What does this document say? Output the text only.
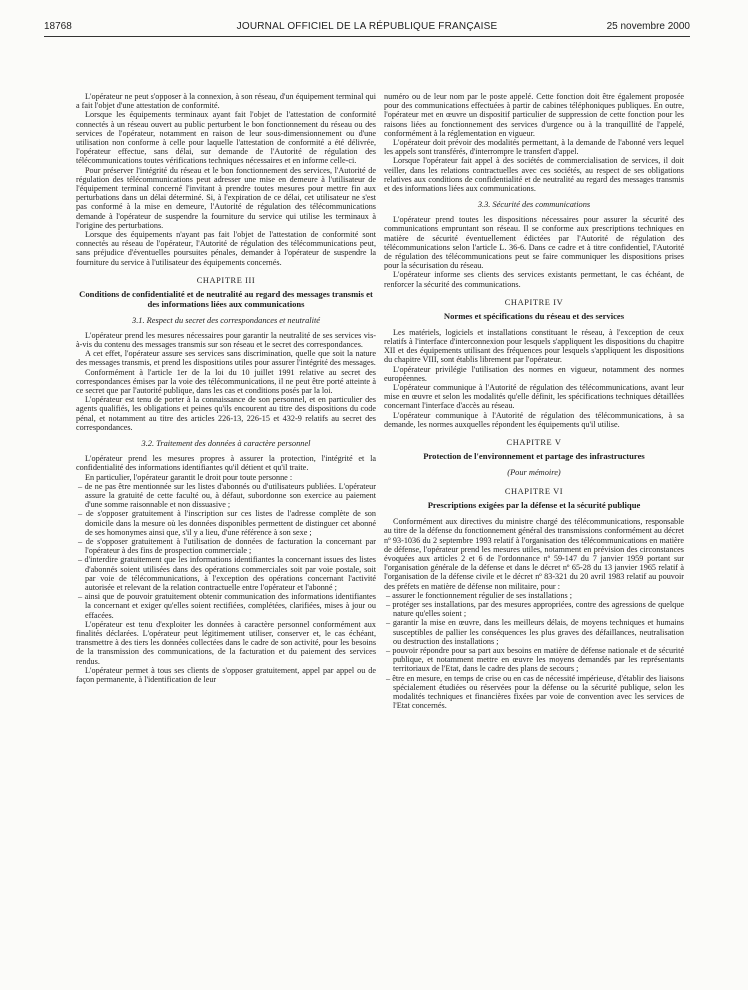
18768	JOURNAL OFFICIEL DE LA RÉPUBLIQUE FRANÇAISE	25 novembre 2000

L'opérateur ne peut s'opposer à la connexion, à son réseau, d'un équipement terminal qui a fait l'objet d'une attestation de conformité.

Lorsque les équipements terminaux ayant fait l'objet de l'attestation de conformité connectés à un réseau ouvert au public perturbent le bon fonctionnement du réseau ou des services de l'opérateur, notamment en raison de leur sous-dimensionnement ou d'une utilisation non conforme à celle pour laquelle l'attestation de conformité a été délivrée, l'opérateur effectue, sans délai, sur demande de l'Autorité de régulation des télécommunications toutes vérifications techniques nécessaires et en informe celle-ci.

Pour préserver l'intégrité du réseau et le bon fonctionnement des services, l'Autorité de régulation des télécommunications peut adresser une mise en demeure à l'utilisateur de l'équipement terminal concerné l'invitant à prendre toutes mesures pour mettre fin aux perturbations dans un délai déterminé. Si, à l'expiration de ce délai, cet utilisateur ne s'est pas conformé à la mise en demeure, l'Autorité de régulation des télécommunications demande à l'opérateur de suspendre la fourniture du service qui utilise les terminaux à l'origine des perturbations.

Lorsque des équipements n'ayant pas fait l'objet de l'attestation de conformité sont connectés au réseau de l'opérateur, l'Autorité de régulation des télécommunications peut, sans préjudice d'éventuelles poursuites pénales, demander à l'opérateur de suspendre la fourniture du service à l'utilisateur des équipements concernés.

CHAPITRE III
Conditions de confidentialité et de neutralité au regard des messages transmis et des informations liées aux communications
3.1. Respect du secret des correspondances et neutralité

L'opérateur prend les mesures nécessaires pour garantir la neutralité de ses services vis-à-vis du contenu des messages transmis sur son réseau et le secret des correspondances.

A cet effet, l'opérateur assure ses services sans discrimination, quelle que soit la nature des messages transmis, et prend les dispositions utiles pour assurer l'intégrité des messages.

Conformément à l'article 1er de la loi du 10 juillet 1991 relative au secret des correspondances émises par la voie des télécommunications, il ne peut être porté atteinte à ce secret que par l'autorité publique, dans les cas et conditions posés par la loi.

L'opérateur est tenu de porter à la connaissance de son personnel, et en particulier des agents qualifiés, les obligations et peines qu'ils encourent au titre des dispositions du code pénal, et notamment au titre des articles 226-13, 226-15 et 432-9 relatifs au secret des correspondances.

3.2. Traitement des données à caractère personnel

L'opérateur prend les mesures propres à assurer la protection, l'intégrité et la confidentialité des informations identifiantes qu'il détient et qu'il traite.

En particulier, l'opérateur garantit le droit pour toute personne :

– de ne pas être mentionnée sur les listes d'abonnés ou d'utilisateurs publiées. L'opérateur assure la gratuité de cette faculté ou, à défaut, subordonne son exercice au paiement d'une somme raisonnable et non dissuasive ;
– de s'opposer gratuitement à l'inscription sur ces listes de l'adresse complète de son domicile dans la mesure où les données disponibles permettent de distinguer cet abonné de ses homonymes ainsi que, s'il y a lieu, d'une référence à son sexe ;
– de s'opposer gratuitement à l'utilisation de données de facturation la concernant par l'opérateur à des fins de prospection commerciale ;
– d'interdire gratuitement que les informations identifiantes la concernant issues des listes d'abonnés soient utilisées dans des opérations commerciales soit par voie postale, soit par voie de télécommunications, à l'exception des opérations concernant l'activité autorisée et relevant de la relation contractuelle entre l'opérateur et l'abonné ;
– ainsi que de pouvoir gratuitement obtenir communication des informations identifiantes la concernant et exiger qu'elles soient rectifiées, complétées, clarifiées, mises à jour ou effacées.

L'opérateur est tenu d'exploiter les données à caractère personnel conformément aux finalités déclarées. L'opérateur peut légitimement utiliser, conserver et, le cas échéant, transmettre à des tiers les données collectées dans le cadre de son activité, pour les besoins de la transmission des communications, de la facturation et du paiement des services rendus.

L'opérateur permet à tous ses clients de s'opposer gratuitement, appel par appel ou de façon permanente, à l'identification de leur

numéro ou de leur nom par le poste appelé. Cette fonction doit être également proposée pour des communications effectuées à partir de cabines téléphoniques publiques. En outre, l'opérateur met en œuvre un dispositif particulier de suppression de cette fonction pour les raisons liées au fonctionnement des services d'urgence ou à la tranquillité de l'appelé, conformément à la réglementation en vigueur.

L'opérateur doit prévoir des modalités permettant, à la demande de l'abonné vers lequel les appels sont transférés, d'interrompre le transfert d'appel.

Lorsque l'opérateur fait appel à des sociétés de commercialisation de services, il doit veiller, dans les relations contractuelles avec ces sociétés, au respect de ses obligations relatives aux conditions de confidentialité et de neutralité au regard des messages transmis et des informations liées aux communications.

3.3. Sécurité des communications

L'opérateur prend toutes les dispositions nécessaires pour assurer la sécurité des communications empruntant son réseau. Il se conforme aux prescriptions techniques en matière de sécurité éventuellement édictées par l'Autorité de régulation des télécommunications selon l'article L. 36-6. Dans ce cadre et à titre confidentiel, l'Autorité de régulation des télécommunications peut se faire communiquer les dispositions prises pour la sécurisation du réseau.

L'opérateur informe ses clients des services existants permettant, le cas échéant, de renforcer la sécurité des communications.

CHAPITRE IV
Normes et spécifications du réseau et des services

Les matériels, logiciels et installations constituant le réseau, à l'exception de ceux relatifs à l'interface d'interconnexion pour lesquels s'appliquent les dispositions du chapitre XII et des équipements utilisant des fréquences pour lesquels s'appliquent les dispositions du chapitre VIII, sont établis librement par l'opérateur.

L'opérateur privilégie l'utilisation des normes en vigueur, notamment des normes européennes.

L'opérateur communique à l'Autorité de régulation des télécommunications, avant leur mise en œuvre et selon les modalités qu'elle définit, les spécifications techniques détaillées concernant l'interface d'accès au réseau.

L'opérateur communique à l'Autorité de régulation des télécommunications, à sa demande, les normes auxquelles répondent les équipements qu'il utilise.

CHAPITRE V
Protection de l'environnement et partage des infrastructures
(Pour mémoire)
CHAPITRE VI
Prescriptions exigées par la défense et la sécurité publique

Conformément aux directives du ministre chargé des télécommunications, responsable au titre de la défense du fonctionnement général des transmissions conformément au décret nº 93-1036 du 2 septembre 1993 relatif à l'organisation des télécommunications en matière de défense, l'opérateur prend les mesures utiles, notamment en prévision des circonstances évoquées aux articles 2 et 6 de l'ordonnance nº 59-147 du 7 janvier 1959 portant sur l'organisation générale de la défense et dans le décret nº 65-28 du 13 janvier 1965 relatif à l'organisation de la défense civile et le décret nº 83-321 du 20 avril 1983 relatif au pouvoir des préfets en matière de défense non militaire, pour :

– assurer le fonctionnement régulier de ses installations ;
– protéger ses installations, par des mesures appropriées, contre des agressions de quelque nature qu'elles soient ;
– garantir la mise en œuvre, dans les meilleurs délais, de moyens techniques et humains susceptibles de pallier les conséquences les plus graves des défaillances, neutralisation ou destruction des installations ;
– pouvoir répondre pour sa part aux besoins en matière de défense nationale et de sécurité publique, et notamment mettre en œuvre les moyens demandés par les représentants territoriaux de l'Etat, dans le cadre des plans de secours ;
– être en mesure, en temps de crise ou en cas de nécessité impérieuse, d'établir des liaisons spécialement étudiées ou réservées pour la défense ou la sécurité publique, selon les modalités techniques et financières fixées par voie de convention avec les services de l'Etat concernés.
